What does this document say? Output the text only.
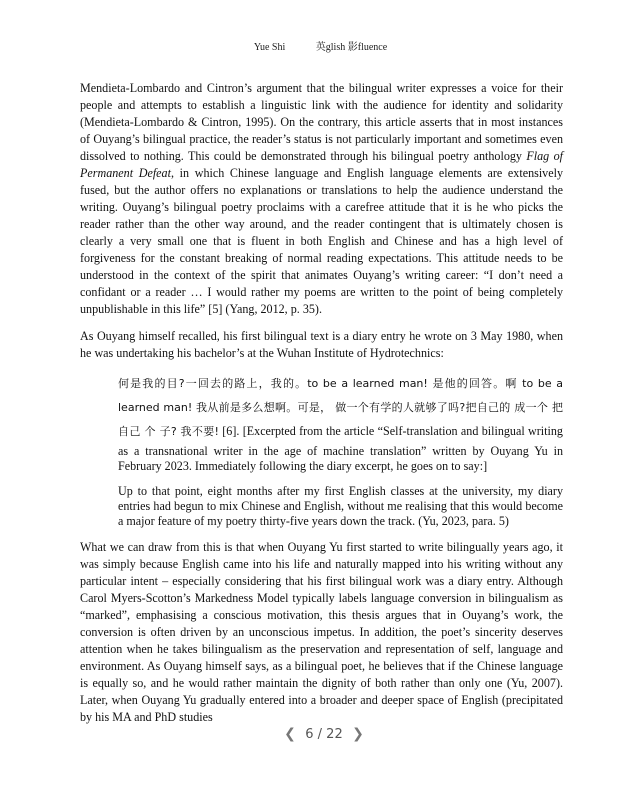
Yue Shi	英glish 影fluence

Mendieta-Lombardo and Cintron’s argument that the bilingual writer expresses a voice for their people and attempts to establish a linguistic link with the audience for identity and solidarity (Mendieta-Lombardo & Cintron, 1995). On the contrary, this article asserts that in most instances of Ouyang’s bilingual practice, the reader’s status is not particularly important and sometimes even dissolved to nothing. This could be demonstrated through his bilingual poetry anthology Flag of Permanent Defeat, in which Chinese language and English language elements are extensively fused, but the author offers no explanations or translations to help the audience understand the writing. Ouyang’s bilingual poetry proclaims with a carefree attitude that it is he who picks the reader rather than the other way around, and the reader contingent that is ultimately chosen is clearly a very small one that is fluent in both English and Chinese and has a high level of forgiveness for the constant breaking of normal reading expectations. This attitude needs to be understood in the context of the spirit that animates Ouyang’s writing career: “I don’t need a confidant or a reader … I would rather my poems are written to the point of being completely unpublishable in this life” [5] (Yang, 2012, p. 35).

As Ouyang himself recalled, his first bilingual text is a diary entry he wrote on 3 May 1980, when he was undertaking his bachelor’s at the Wuhan Institute of Hydrotechnics:

何是我的目?一回去的路上，我的。to be a learned man! 是他的回答。啊 to be a learned man! 我从前是多么想啊。可是， 做一个有学的人就够了吗?把自己的 成一个 把自己 个 子? 我不要! [6]. [Excerpted from the article “Self-translation and bilingual writing as a transnational writer in the age of machine translation” written by Ouyang Yu in February 2023. Immediately following the diary excerpt, he goes on to say:]

Up to that point, eight months after my first English classes at the university, my diary entries had begun to mix Chinese and English, without me realising that this would become a major feature of my poetry thirty-five years down the track. (Yu, 2023, para. 5)

What we can draw from this is that when Ouyang Yu first started to write bilingually years ago, it was simply because English came into his life and naturally mapped into his writing without any particular intent – especially considering that his first bilingual work was a diary entry. Although Carol Myers-Scotton’s Markedness Model typically labels language conversion in bilingualism as “marked”, emphasising a conscious motivation, this thesis argues that in Ouyang’s work, the conversion is often driven by an unconscious impetus. In addition, the poet’s sincerity deserves attention when he takes bilingualism as the preservation and representation of self, language and environment. As Ouyang himself says, as a bilingual poet, he believes that if the Chinese language is equally so, and he would rather maintain the dignity of both rather than only one (Yu, 2007). Later, when Ouyang Yu gradually entered into a broader and deeper space of English (precipitated by his MA and PhD studies

❮ 6 / 22 ❯
